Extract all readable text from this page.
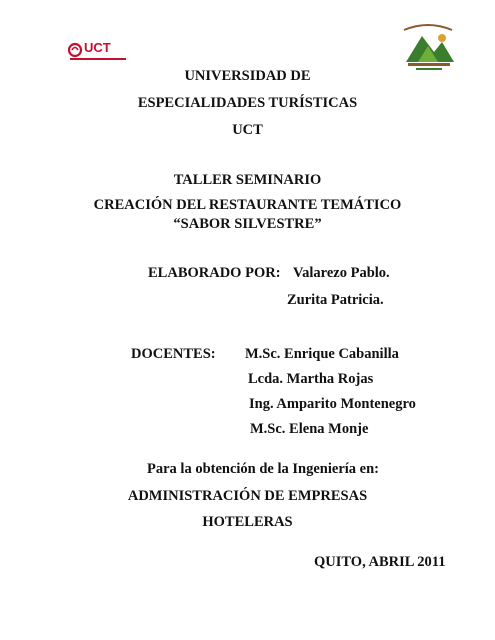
UCT
UNIVERSIDAD DE
ESPECIALIDADES TURÍSTICAS
UCT
TALLER SEMINARIO
CREACIÓN DEL RESTAURANTE TEMÁTICO
“SABOR SILVESTRE”
ELABORADO POR: Valarezo Pablo.
Zurita Patricia.
DOCENTES: M.Sc. Enrique Cabanilla
Lcda. Martha Rojas
Ing. Amparito Montenegro
M.Sc. Elena Monje
Para la obtención de la Ingeniería en:
ADMINISTRACIÓN DE EMPRESAS
HOTELERAS
QUITO, ABRIL 2011
